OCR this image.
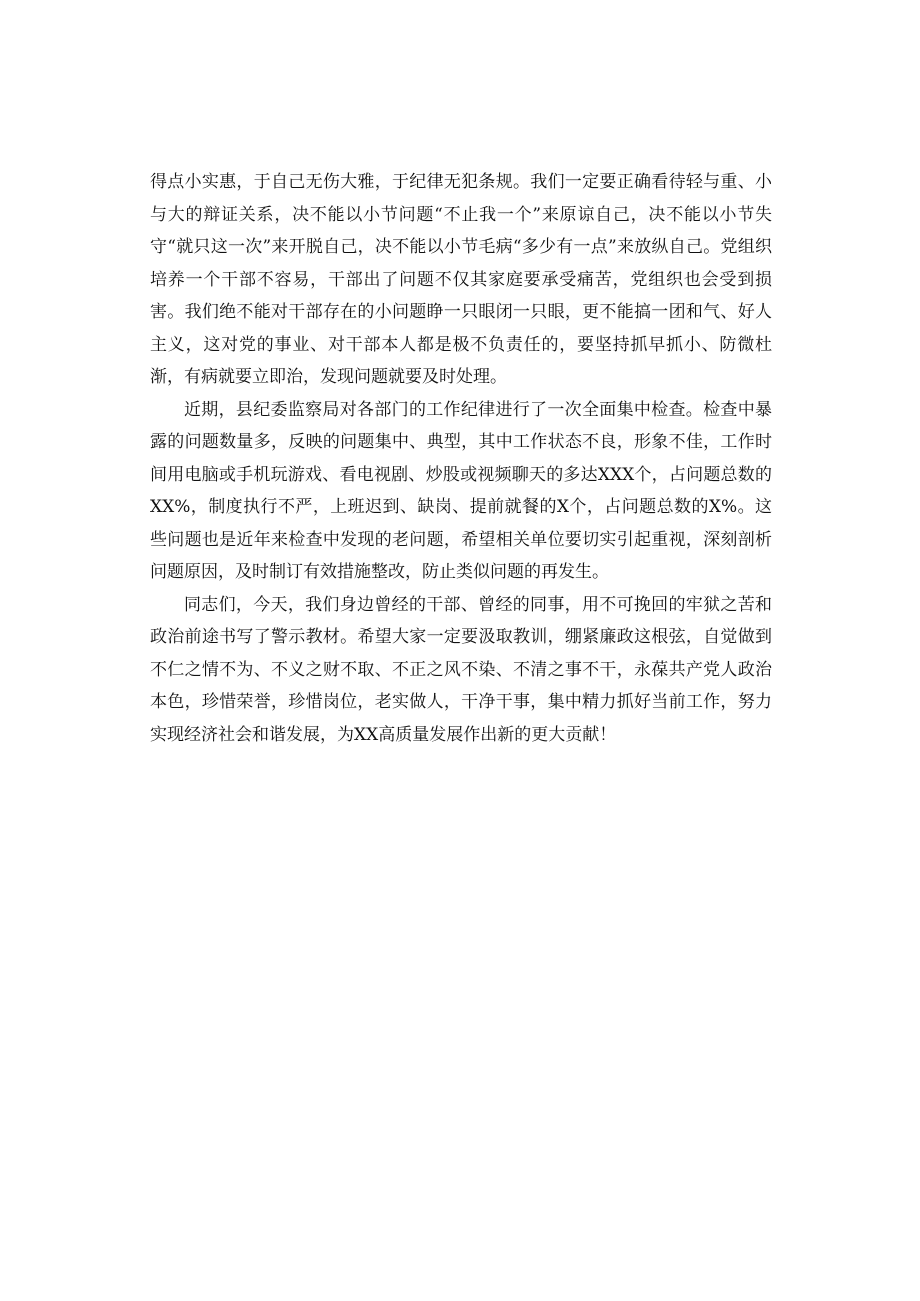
得点小实惠，于自己无伤大雅，于纪律无犯条规。我们一定要正确看待轻与重、小与大的辩证关系，决不能以小节问题“不止我一个”来原谅自己，决不能以小节失守“就只这一次”来开脱自己，决不能以小节毛病“多少有一点”来放纵自己。党组织培养一个干部不容易，干部出了问题不仅其家庭要承受痛苦，党组织也会受到损害。我们绝不能对干部存在的小问题睁一只眼闭一只眼，更不能搞一团和气、好人主义，这对党的事业、对干部本人都是极不负责任的，要坚持抓早抓小、防微杜渐，有病就要立即治，发现问题就要及时处理。

近期，县纪委监察局对各部门的工作纪律进行了一次全面集中检查。检查中暴露的问题数量多，反映的问题集中、典型，其中工作状态不良，形象不佳，工作时间用电脑或手机玩游戏、看电视剧、炒股或视频聊天的多达XXX个，占问题总数的XX%，制度执行不严，上班迟到、缺岗、提前就餐的X个，占问题总数的X%。这些问题也是近年来检查中发现的老问题，希望相关单位要切实引起重视，深刻剖析问题原因，及时制订有效措施整改，防止类似问题的再发生。

同志们，今天，我们身边曾经的干部、曾经的同事，用不可挽回的牢狱之苦和政治前途书写了警示教材。希望大家一定要汲取教训，绷紧廉政这根弦，自觉做到不仁之情不为、不义之财不取、不正之风不染、不清之事不干，永葆共产党人政治本色，珍惜荣誉，珍惜岗位，老实做人，干净干事，集中精力抓好当前工作，努力实现经济社会和谐发展，为XX高质量发展作出新的更大贡献！
